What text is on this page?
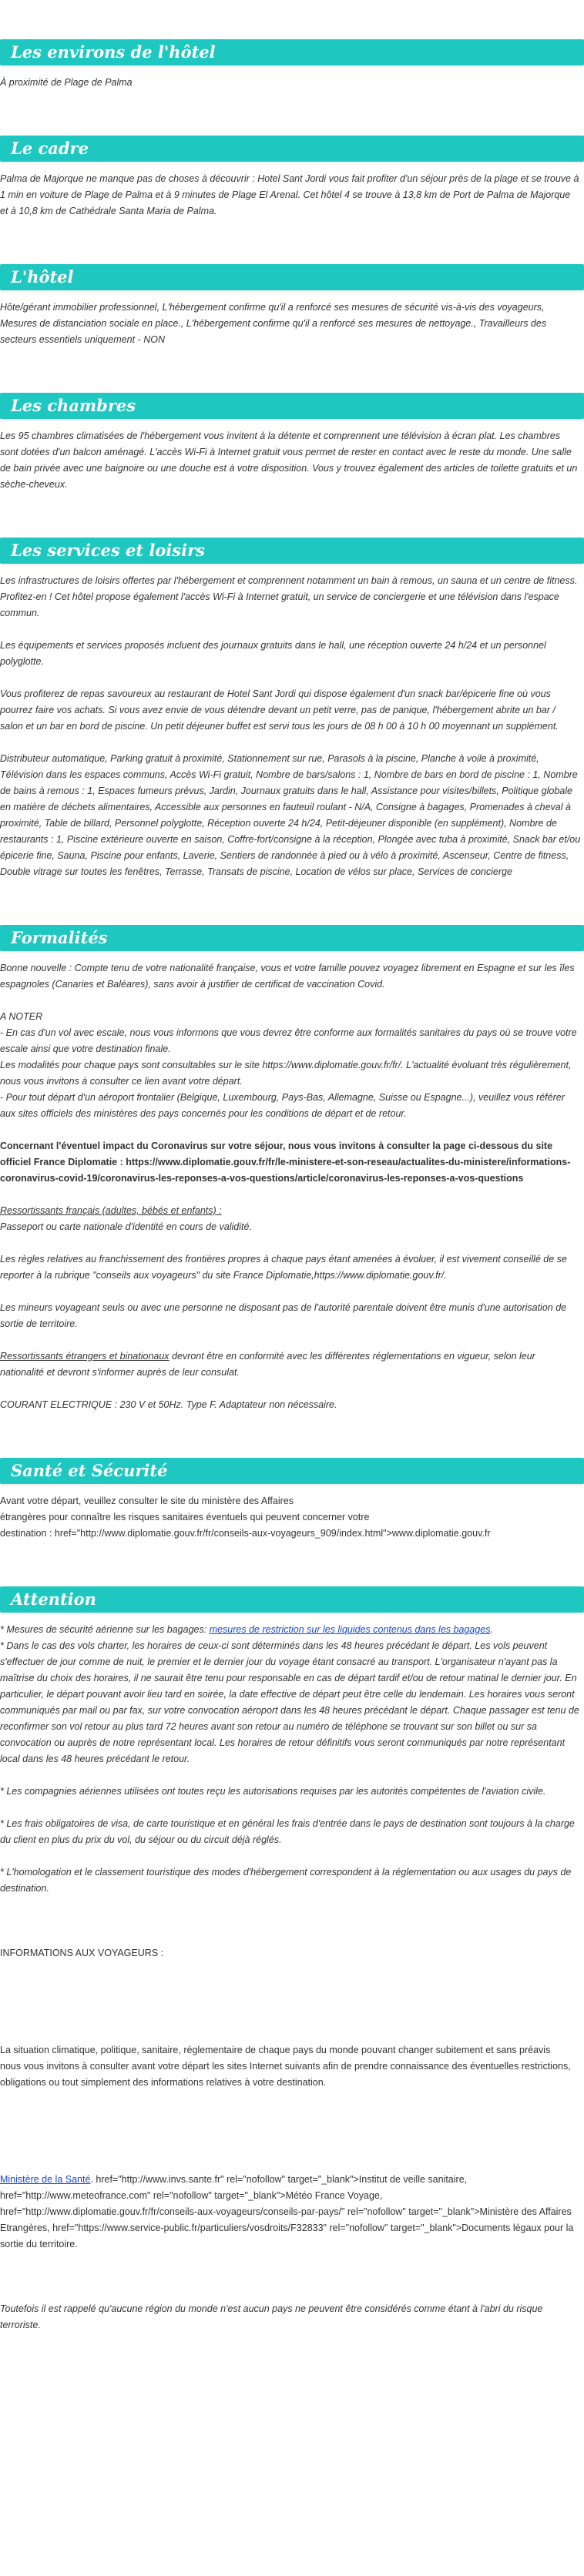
Les environs de l'hôtel

À proximité de Plage de Palma

Le cadre

Palma de Majorque ne manque pas de choses à découvrir : Hotel Sant Jordi vous fait profiter d'un séjour près de la plage et se trouve à 1 min en voiture de Plage de Palma et à 9 minutes de Plage El Arenal. Cet hôtel 4 se trouve à 13,8 km de Port de Palma de Majorque et à 10,8 km de Cathédrale Santa Maria de Palma.

L'hôtel

Hôte/gérant immobilier professionnel, L'hébergement confirme qu'il a renforcé ses mesures de sécurité vis-à-vis des voyageurs, Mesures de distanciation sociale en place., L'hébergement confirme qu'il a renforcé ses mesures de nettoyage., Travailleurs des secteurs essentiels uniquement - NON

Les chambres

Les 95 chambres climatisées de l'hébergement vous invitent à la détente et comprennent une télévision à écran plat. Les chambres sont dotées d'un balcon aménagé. L'accès Wi-Fi à Internet gratuit vous permet de rester en contact avec le reste du monde. Une salle de bain privée avec une baignoire ou une douche est à votre disposition. Vous y trouvez également des articles de toilette gratuits et un sèche-cheveux.

Les services et loisirs

Les infrastructures de loisirs offertes par l'hébergement et comprennent notamment un bain à remous, un sauna et un centre de fitness. Profitez-en ! Cet hôtel propose également l'accès Wi-Fi à Internet gratuit, un service de conciergerie et une télévision dans l'espace commun.

Les équipements et services proposés incluent des journaux gratuits dans le hall, une réception ouverte 24 h/24 et un personnel polyglotte.

Vous profiterez de repas savoureux au restaurant de Hotel Sant Jordi qui dispose également d'un snack bar/épicerie fine où vous pourrez faire vos achats. Si vous avez envie de vous détendre devant un petit verre, pas de panique, l'hébergement abrite un bar / salon et un bar en bord de piscine. Un petit déjeuner buffet est servi tous les jours de 08 h 00 à 10 h 00 moyennant un supplément.

Distributeur automatique, Parking gratuit à proximité, Stationnement sur rue, Parasols à la piscine, Planche à voile à proximité, Télévision dans les espaces communs, Accès Wi-Fi gratuit, Nombre de bars/salons : 1, Nombre de bars en bord de piscine : 1, Nombre de bains à remous : 1, Espaces fumeurs prévus, Jardin, Journaux gratuits dans le hall, Assistance pour visites/billets, Politique globale en matière de déchets alimentaires, Accessible aux personnes en fauteuil roulant - N/A, Consigne à bagages, Promenades à cheval à proximité, Table de billard, Personnel polyglotte, Réception ouverte 24 h/24, Petit-déjeuner disponible (en supplément), Nombre de restaurants : 1, Piscine extérieure ouverte en saison, Coffre-fort/consigne à la réception, Plongée avec tuba à proximité, Snack bar et/ou épicerie fine, Sauna, Piscine pour enfants, Laverie, Sentiers de randonnée à pied ou à vélo à proximité, Ascenseur, Centre de fitness, Double vitrage sur toutes les fenêtres, Terrasse, Transats de piscine, Location de vélos sur place, Services de concierge

Formalités

Bonne nouvelle : Compte tenu de votre nationalité française, vous et votre famille pouvez voyagez librement en Espagne et sur les îles espagnoles (Canaries et Baléares), sans avoir à justifier de certificat de vaccination Covid.

A NOTER

- En cas d'un vol avec escale, nous vous informons que vous devrez être conforme aux formalités sanitaires du pays où se trouve votre escale ainsi que votre destination finale.

Les modalités pour chaque pays sont consultables sur le site https://www.diplomatie.gouv.fr/fr/. L'actualité évoluant très régulièrement, nous vous invitons à consulter ce lien avant votre départ.

- Pour tout départ d'un aéroport frontalier (Belgique, Luxembourg, Pays-Bas, Allemagne, Suisse ou Espagne...), veuillez vous référer aux sites officiels des ministères des pays concernés pour les conditions de départ et de retour.

Concernant l'éventuel impact du Coronavirus sur votre séjour, nous vous invitons à consulter la page ci-dessous du site officiel France Diplomatie : https://www.diplomatie.gouv.fr/fr/le-ministere-et-son-reseau/actualites-du-ministere/informations-coronavirus-covid-19/coronavirus-les-reponses-a-vos-questions/article/coronavirus-les-reponses-a-vos-questions

Ressortissants français (adultes, bébés et enfants) :

Passeport ou carte nationale d'identité en cours de validité.

Les règles relatives au franchissement des frontières propres à chaque pays étant amenées à évoluer, il est vivement conseillé de se reporter à la rubrique "conseils aux voyageurs" du site France Diplomatie,https://www.diplomatie.gouv.fr/.

Les mineurs voyageant seuls ou avec une personne ne disposant pas de l'autorité parentale doivent être munis d'une autorisation de sortie de territoire.

Ressortissants étrangers et binationaux devront être en conformité avec les différentes réglementations en vigueur, selon leur nationalité et devront s'informer auprès de leur consulat.

COURANT ELECTRIQUE : 230 V et 50Hz. Type F. Adaptateur non nécessaire.

Santé et Sécurité

Avant votre départ, veuillez consulter le site du ministère des Affaires

étrangères pour connaître les risques sanitaires éventuels qui peuvent concerner votre

destination : href="http://www.diplomatie.gouv.fr/fr/conseils-aux-voyageurs_909/index.html">www.diplomatie.gouv.fr

Attention

* Mesures de sécurité aérienne sur les bagages: mesures de restriction sur les liquides contenus dans les bagages.

* Dans le cas des vols charter, les horaires de ceux-ci sont déterminés dans les 48 heures précédant le départ. Les vols peuvent s'effectuer de jour comme de nuit, le premier et le dernier jour du voyage étant consacré au transport. L'organisateur n'ayant pas la maîtrise du choix des horaires, il ne saurait être tenu pour responsable en cas de départ tardif et/ou de retour matinal le dernier jour. En particulier, le départ pouvant avoir lieu tard en soirée, la date effective de départ peut être celle du lendemain. Les horaires vous seront communiqués par mail ou par fax, sur votre convocation aéroport dans les 48 heures précédant le départ. Chaque passager est tenu de reconfirmer son vol retour au plus tard 72 heures avant son retour au numéro de téléphone se trouvant sur son billet ou sur sa convocation ou auprès de notre représentant local. Les horaires de retour définitifs vous seront communiqués par notre représentant local dans les 48 heures précédant le retour.

* Les compagnies aériennes utilisées ont toutes reçu les autorisations requises par les autorités compétentes de l'aviation civile.

* Les frais obligatoires de visa, de carte touristique et en général les frais d'entrée dans le pays de destination sont toujours à la charge du client en plus du prix du vol, du séjour ou du circuit déjà réglés.

* L'homologation et le classement touristique des modes d'hébergement correspondent à la réglementation ou aux usages du pays de destination.

INFORMATIONS AUX VOYAGEURS :

La situation climatique, politique, sanitaire, réglementaire de chaque pays du monde pouvant changer subitement et sans préavis

nous vous invitons à consulter avant votre départ les sites Internet suivants afin de prendre connaissance des éventuelles restrictions, obligations ou tout simplement des informations relatives à votre destination.

Ministère de la Santé. href="http://www.invs.sante.fr" rel="nofollow" target="_blank">Institut de veille sanitaire, href="http://www.meteofrance.com" rel="nofollow" target="_blank">Météo France Voyage, href="http://www.diplomatie.gouv.fr/fr/conseils-aux-voyageurs/conseils-par-pays/" rel="nofollow" target="_blank">Ministère des Affaires Etrangères, href="https://www.service-public.fr/particuliers/vosdroits/F32833" rel="nofollow" target="_blank">Documents légaux pour la sortie du territoire.

Toutefois il est rappelé qu'aucune région du monde n'est aucun pays ne peuvent être considérés comme étant à l'abri du risque terroriste.
